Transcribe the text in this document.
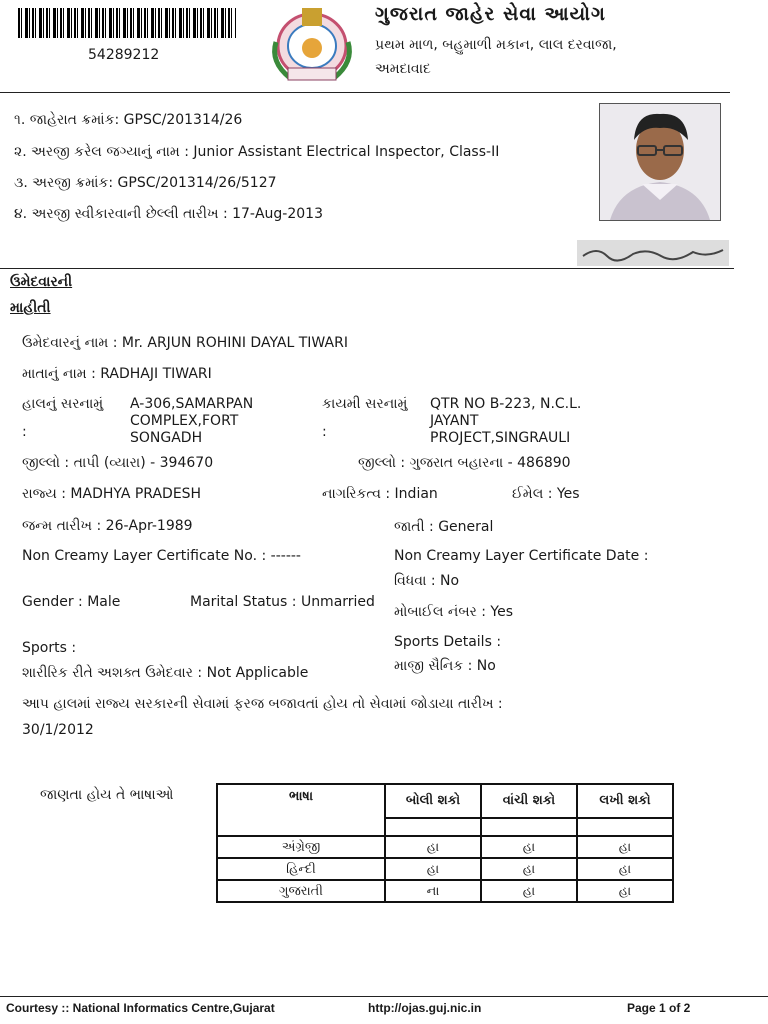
54289212
ગુજરાત જાહેર સેવા આયોગ
પ્રથમ માળ, બહુમાળી મકાન, લાલ દરવાજા,
અમદાવાદ
૧. જાહેરાત ક્રમાંક: GPSC/201314/26
૨. અરજી કરેલ જગ્યાનું નામ : Junior Assistant Electrical Inspector, Class-II
૩. અરજી ક્રમાંક: GPSC/201314/26/5127
૪. અરજી સ્વીકારવાની છેલ્લી તારીખ : 17-Aug-2013
ઉમેદવારની
માહીતી
ઉમેદવારનું નામ : Mr. ARJUN ROHINI DAYAL TIWARI
માતાનું નામ : RADHAJI TIWARI
હાલનું સરનામું
:
A-306,SAMARPAN
COMPLEX,FORT
SONGADH
કાયમી સરનામું
:
QTR NO B-223, N.C.L.
JAYANT
PROJECT,SINGRAULI
જીલ્લો : તાપી (વ્યારા) - 394670	જીલ્લો : ગુજરાત બહારના - 486890
રાજ્ય : MADHYA PRADESH	નાગરિકત્વ : Indian	ઈમેલ : Yes
જન્મ તારીખ : 26-Apr-1989	જાતી : General
Non Creamy Layer Certificate No. : ------	Non Creamy Layer Certificate Date :
વિધવા : No
Gender : Male	Marital Status : Unmarried
મોબાઈલ નંબર : Yes
Sports :	Sports Details :
શારીરિક રીતે અશક્ત ઉમેદવાર : Not Applicable	માજી સૈનિક : No
આપ હાલમાં રાજ્ય સરકારની સેવામાં ફરજ બજાવતાં હોય તો સેવામાં જોડાયા તારીખ :
30/1/2012
જાણતા હોય તે ભાષાઓ	ભાષા	બોલી શકો	વાંચી શકો	લખી શકો

અંગ્રેજી	હા	હા	હા
હિન્દી	હા	હા	હા
ગુજરાતી	ના	હા	હા
Courtesy :: National Informatics Centre,Gujarat	http://ojas.guj.nic.in	Page 1 of 2
